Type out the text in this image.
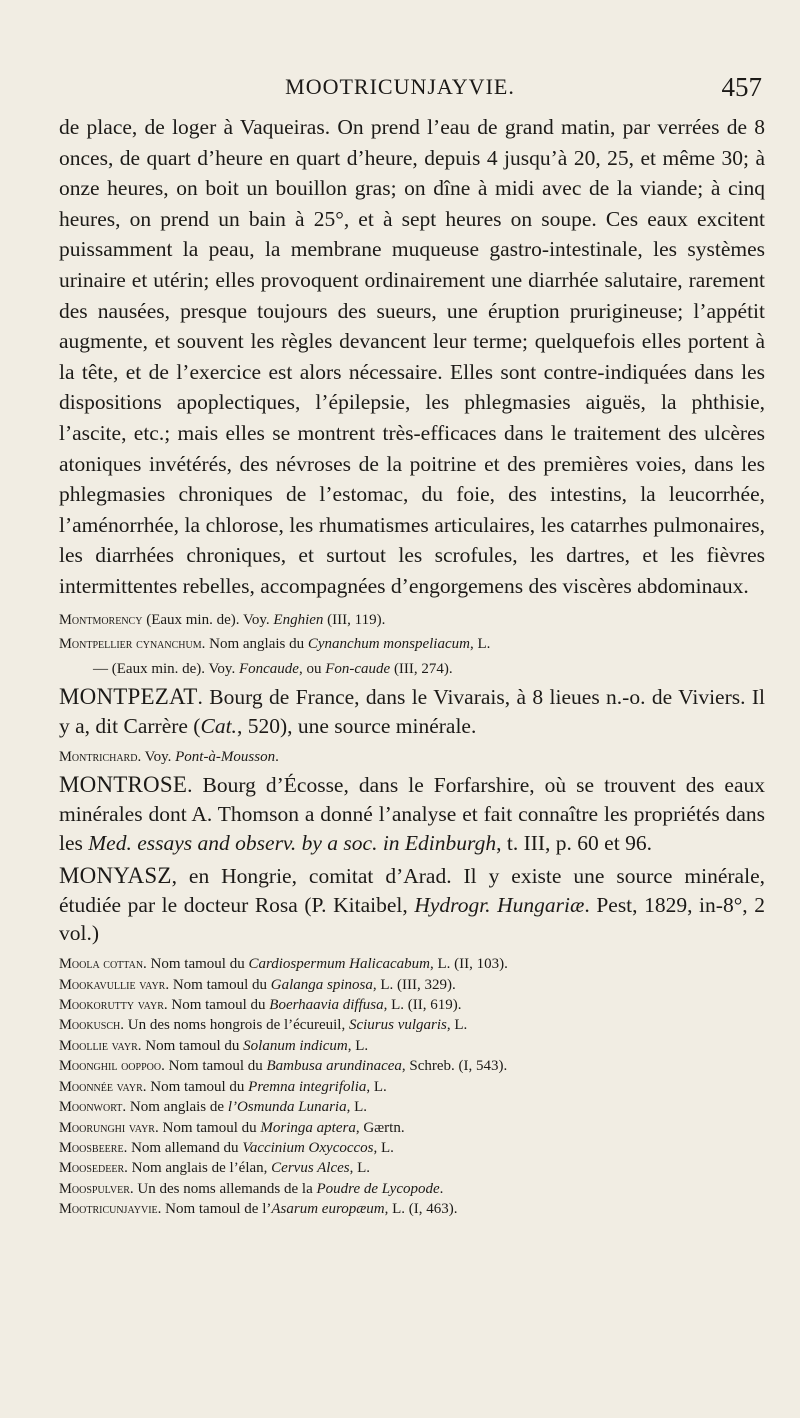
MOOTRICUNJAYVIE.	457

de place, de loger à Vaqueiras. On prend l’eau de grand matin, par verrées de 8 onces, de quart d’heure en quart d’heure, depuis 4 jusqu’à 20, 25, et même 30; à onze heures, on boit un bouillon gras; on dîne à midi avec de la viande; à cinq heures, on prend un bain à 25°, et à sept heures on soupe. Ces eaux excitent puissamment la peau, la membrane muqueuse gastro-intestinale, les systèmes urinaire et utérin; elles provoquent ordinairement une diarrhée salutaire, rarement des nausées, presque toujours des sueurs, une éruption prurigineuse; l’appétit augmente, et souvent les règles devancent leur terme; quelquefois elles portent à la tête, et de l’exercice est alors nécessaire. Elles sont contre-indiquées dans les dispositions apoplectiques, l’épilepsie, les phlegmasies aiguës, la phthisie, l’ascite, etc.; mais elles se montrent très-efficaces dans le traitement des ulcères atoniques invétérés, des névroses de la poitrine et des premières voies, dans les phlegmasies chroniques de l’estomac, du foie, des intestins, la leucorrhée, l’aménorrhée, la chlorose, les rhumatismes articulaires, les catarrhes pulmonaires, les diarrhées chroniques, et surtout les scrofules, les dartres, et les fièvres intermittentes rebelles, accompagnées d’engorgemens des viscères abdominaux.

Montmorency (Eaux min. de). Voy. Enghien (III, 119).

Montpellier cynanchum. Nom anglais du Cynanchum monspeliacum, L.

— (Eaux min. de). Voy. Foncaude, ou Fon-caude (III, 274).

MONTPEZAT. Bourg de France, dans le Vivarais, à 8 lieues n.-o. de Viviers. Il y a, dit Carrère (Cat., 520), une source minérale.

Montrichard. Voy. Pont-à-Mousson.

MONTROSE. Bourg d’Écosse, dans le Forfarshire, où se trouvent des eaux minérales dont A. Thomson a donné l’analyse et fait connaître les propriétés dans les Med. essays and observ. by a soc. in Edinburgh, t. III, p. 60 et 96.

MONYASZ, en Hongrie, comitat d’Arad. Il y existe une source minérale, étudiée par le docteur Rosa (P. Kitaibel, Hydrogr. Hungariæ. Pest, 1829, in-8°, 2 vol.)

Moola cottan. Nom tamoul du Cardiospermum Halicacabum, L. (II, 103).

Mookavullie vayr. Nom tamoul du Galanga spinosa, L. (III, 329).

Mookorutty vayr. Nom tamoul du Boerhaavia diffusa, L. (II, 619).

Mookusch. Un des noms hongrois de l’écureuil, Sciurus vulgaris, L.

Moollie vayr. Nom tamoul du Solanum indicum, L.

Moonghil ooppoo. Nom tamoul du Bambusa arundinacea, Schreb. (I, 543).

Moonnée vayr. Nom tamoul du Premna integrifolia, L.

Moonwort. Nom anglais de l’Osmunda Lunaria, L.

Moorunghi vayr. Nom tamoul du Moringa aptera, Gærtn.

Moosbeere. Nom allemand du Vaccinium Oxycoccos, L.

Moosedeer. Nom anglais de l’élan, Cervus Alces, L.

Moospulver. Un des noms allemands de la Poudre de Lycopode.

Mootricunjayvie. Nom tamoul de l’Asarum europæum, L. (I, 463).
